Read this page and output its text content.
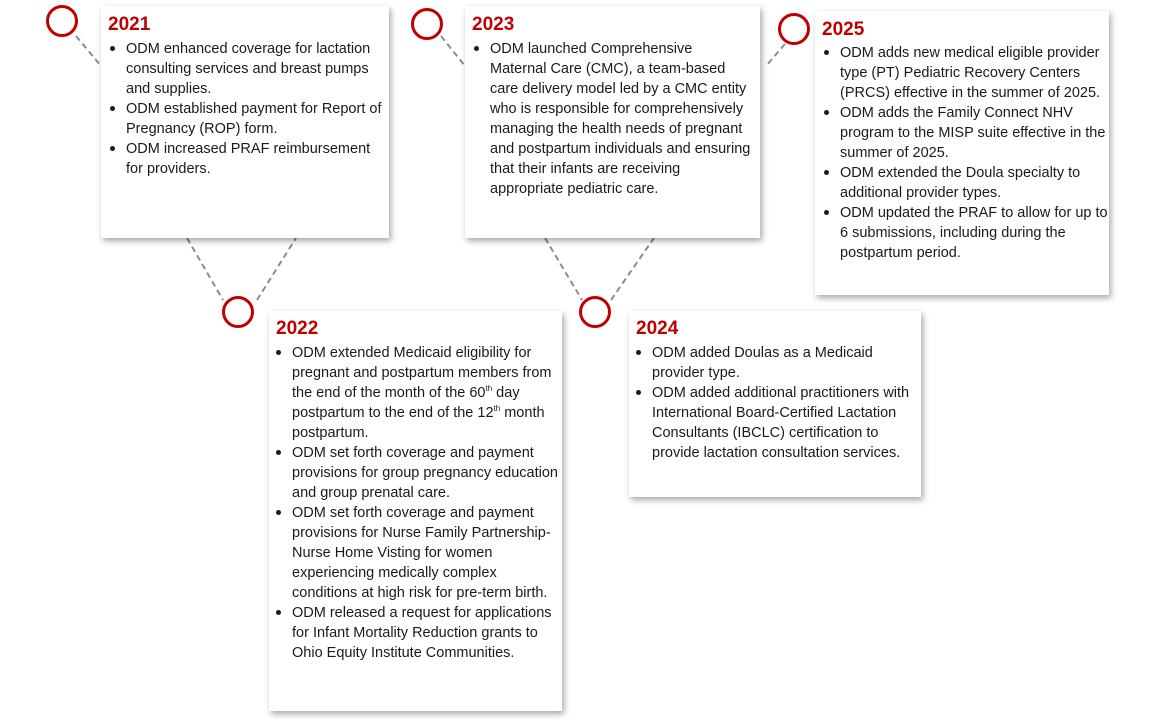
2021
ODM enhanced coverage for lactation consulting services and breast pumps and supplies.
ODM established payment for Report of Pregnancy (ROP) form.
ODM increased PRAF reimbursement for providers.
2023
ODM launched Comprehensive Maternal Care (CMC), a team-based care delivery model led by a CMC entity who is responsible for comprehensively managing the health needs of pregnant and postpartum individuals and ensuring that their infants are receiving appropriate pediatric care.
2025
ODM adds new medical eligible provider type (PT) Pediatric Recovery Centers (PRCS) effective in the summer of 2025.
ODM adds the Family Connect NHV program to the MISP suite effective in the summer of 2025.
ODM extended the Doula specialty to additional provider types.
ODM updated the PRAF to allow for up to 6 submissions, including during the postpartum period.
2022
ODM extended Medicaid eligibility for pregnant and postpartum members from the end of the month of the 60th day postpartum to the end of the 12th month postpartum.
ODM set forth coverage and payment provisions for group pregnancy education and group prenatal care.
ODM set forth coverage and payment provisions for Nurse Family Partnership-Nurse Home Visting for women experiencing medically complex conditions at high risk for pre-term birth.
ODM released a request for applications for Infant Mortality Reduction grants to Ohio Equity Institute Communities.
2024
ODM added Doulas as a Medicaid provider type.
ODM added additional practitioners with International Board-Certified Lactation Consultants (IBCLC) certification to provide lactation consultation services.
